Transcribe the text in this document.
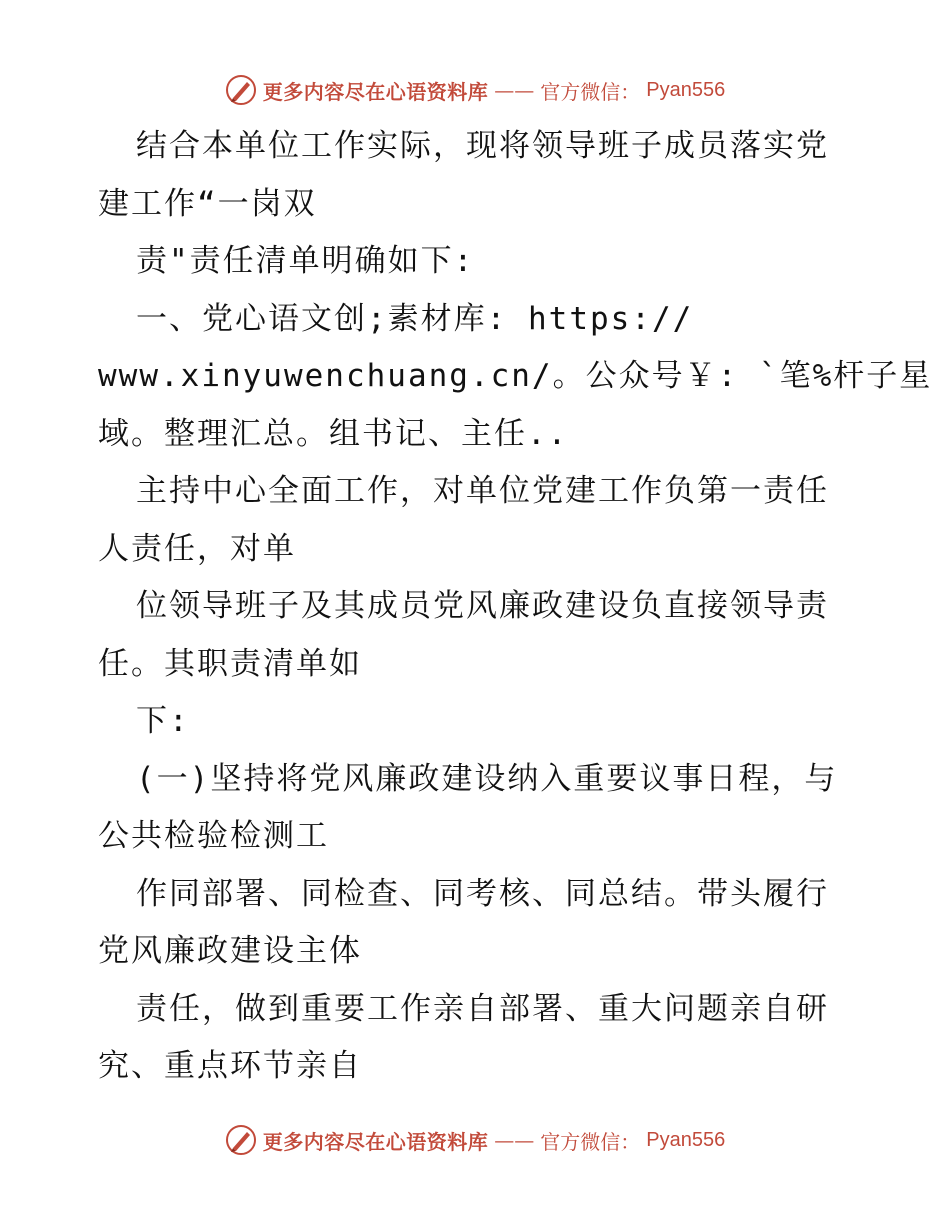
更多内容尽在心语资料库 —— 官方微信： Pyan556

结合本单位工作实际，现将领导班子成员落实党

建工作“一岗双

责"责任清单明确如下:

一、党心语文创;素材库: https://

www.xinyuwenchuang.cn/。公众号￥: `笔%杆子星

域。整理汇总。组书记、主任..

主持中心全面工作，对单位党建工作负第一责任

人责任，对单

位领导班子及其成员党风廉政建设负直接领导责

任。其职责清单如

下:

(一)坚持将党风廉政建设纳入重要议事日程，与

公共检验检测工

作同部署、同检查、同考核、同总结。带头履行

党风廉政建设主体

责任，做到重要工作亲自部署、重大问题亲自研

究、重点环节亲自

更多内容尽在心语资料库 —— 官方微信： Pyan556
